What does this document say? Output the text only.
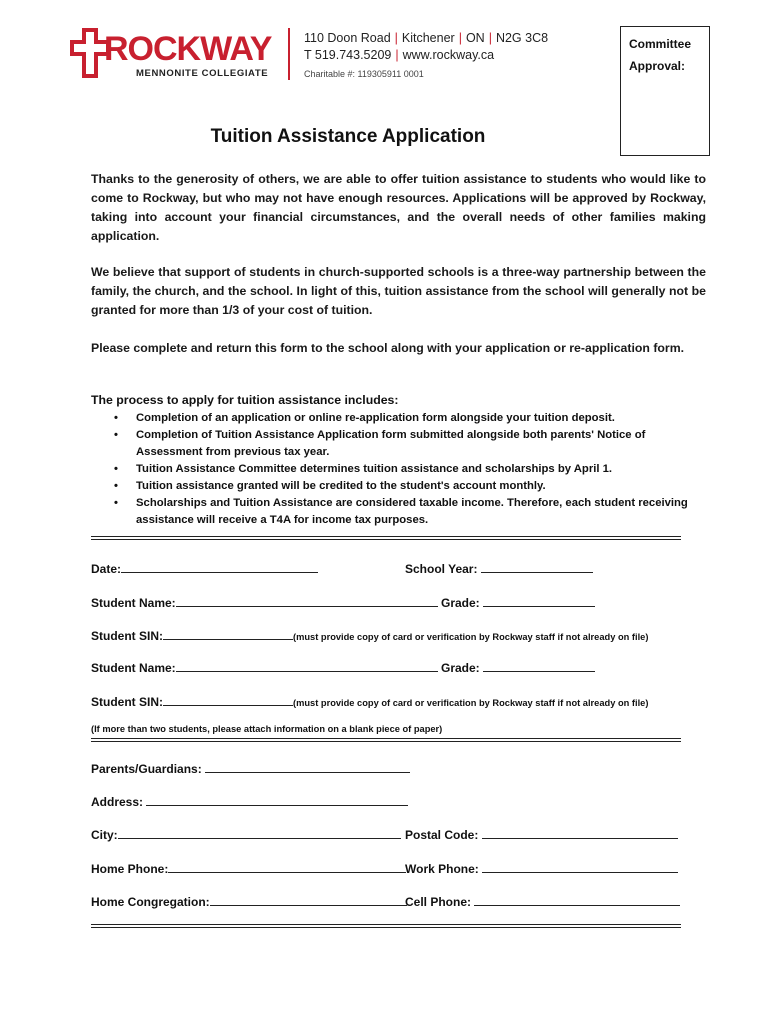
ROCKWAY
MENNONITE COLLEGIATE
110 Doon Road | Kitchener | ON | N2G 3C8
T 519.743.5209 | www.rockway.ca
Charitable #: 119305911 0001
Committee
Approval:
Tuition Assistance Application

Thanks to the generosity of others, we are able to offer tuition assistance to students who would like to come to Rockway, but who may not have enough resources. Applications will be approved by Rockway, taking into account your financial circumstances, and the overall needs of other families making application.

We believe that support of students in church-supported schools is a three-way partnership between the family, the church, and the school. In light of this, tuition assistance from the school will generally not be granted for more than 1/3 of your cost of tuition.

Please complete and return this form to the school along with your application or re-application form.

The process to apply for tuition assistance includes:
• Completion of an application or online re-application form alongside your tuition deposit.
• Completion of Tuition Assistance Application form submitted alongside both parents' Notice of Assessment from previous tax year.
• Tuition Assistance Committee determines tuition assistance and scholarships by April 1.
• Tuition assistance granted will be credited to the student's account monthly.
• Scholarships and Tuition Assistance are considered taxable income. Therefore, each student receiving assistance will receive a T4A for income tax purposes.
Date:	School Year:
Student Name:	Grade:
Student SIN:	(must provide copy of card or verification by Rockway staff if not already on file)
Student Name:	Grade:
Student SIN:	(must provide copy of card or verification by Rockway staff if not already on file)
(If more than two students, please attach information on a blank piece of paper)
Parents/Guardians:
Address:
City:	Postal Code:
Home Phone:	Work Phone:
Home Congregation:	Cell Phone:
